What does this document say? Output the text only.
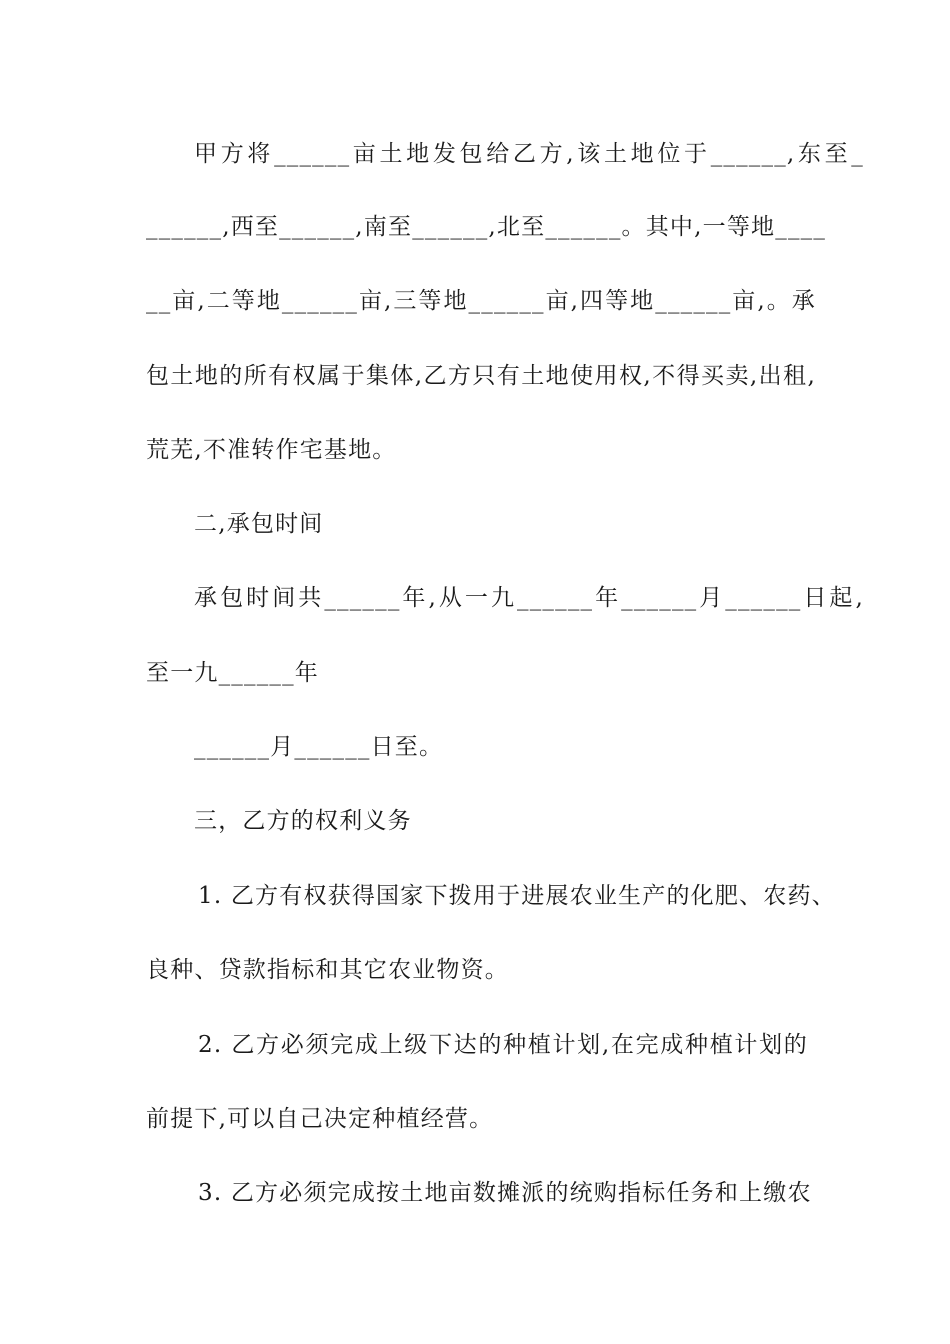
甲方将______亩土地发包给乙方,该土地位于______,东至_
______,西至______,南至______,北至______。其中,一等地____
__亩,二等地______亩,三等地______亩,四等地______亩,。承
包土地的所有权属于集体,乙方只有土地使用权,不得买卖,出租,
荒芜,不准转作宅基地。
二,承包时间
承包时间共______年,从一九______年______月______日起,
至一九______年
______月______日至。
三，乙方的权利义务
1. 乙方有权获得国家下拨用于进展农业生产的化肥、农药、
良种、贷款指标和其它农业物资。
2. 乙方必须完成上级下达的种植计划,在完成种植计划的
前提下,可以自己决定种植经营。
3. 乙方必须完成按土地亩数摊派的统购指标任务和上缴农
